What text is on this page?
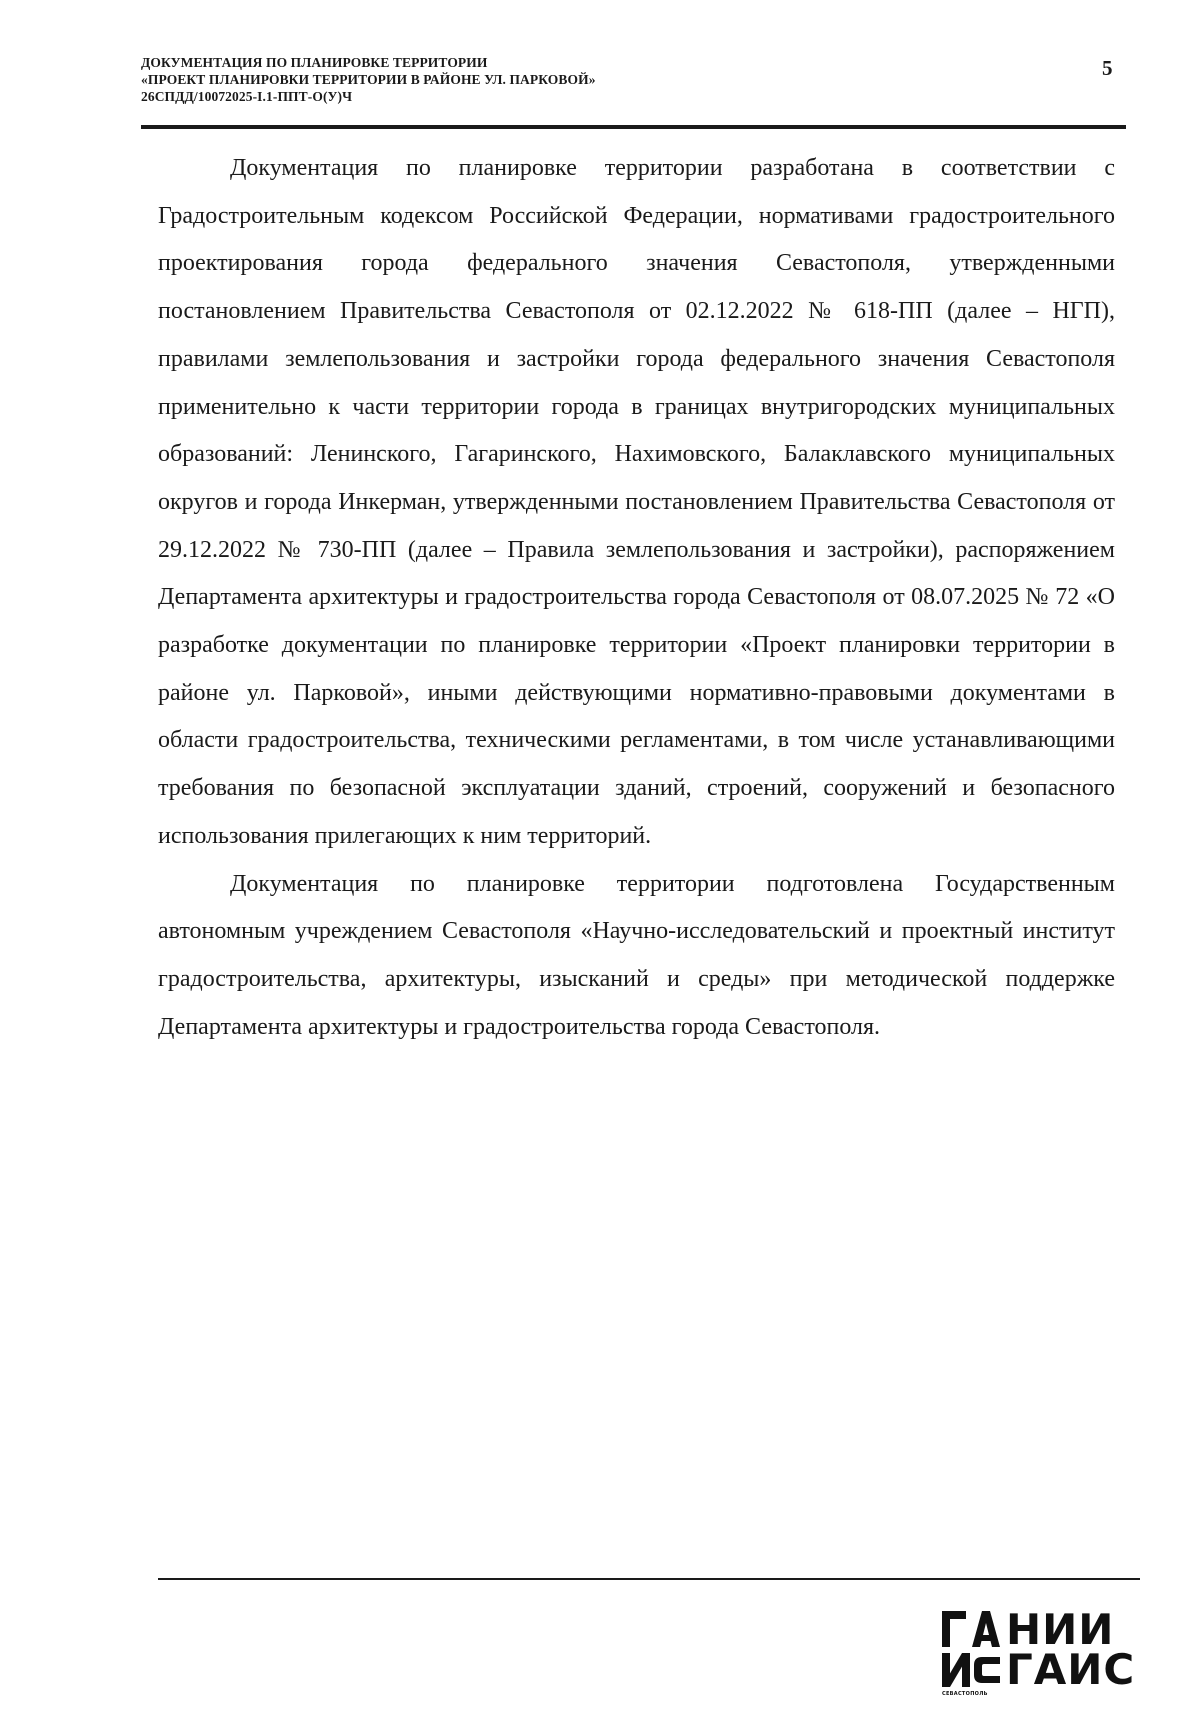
ДОКУМЕНТАЦИЯ ПО ПЛАНИРОВКЕ ТЕРРИТОРИИ
«ПРОЕКТ ПЛАНИРОВКИ ТЕРРИТОРИИ В РАЙОНЕ УЛ. ПАРКОВОЙ»
26СПДД/10072025-I.1-ППТ-О(У)Ч
5

Документация по планировке территории разработана в соответствии с Градостроительным кодексом Российской Федерации, нормативами градостроительного проектирования города федерального значения Севастополя, утвержденными постановлением Правительства Севастополя от 02.12.2022 № 618-ПП (далее – НГП), правилами землепользования и застройки города федерального значения Севастополя применительно к части территории города в границах внутригородских муниципальных образований: Ленинского, Гагаринского, Нахимовского, Балаклавского муниципальных округов и города Инкерман, утвержденными постановлением Правительства Севастополя от 29.12.2022 № 730-ПП (далее – Правила землепользования и застройки), распоряжением Департамента архитектуры и градостроительства города Севастополя от 08.07.2025 № 72 «О разработке документации по планировке территории «Проект планировки территории в районе ул. Парковой», иными действующими нормативно-правовыми документами в области градостроительства, техническими регламентами, в том числе устанавливающими требования по безопасной эксплуатации зданий, строений, сооружений и безопасного использования прилегающих к ним территорий.

Документация по планировке территории подготовлена Государственным автономным учреждением Севастополя «Научно-исследовательский и проектный институт градостроительства, архитектуры, изысканий и среды» при методической поддержке Департамента архитектуры и градостроительства города Севастополя.

НИИ
ГАИС
СЕВАСТОПОЛЬ
